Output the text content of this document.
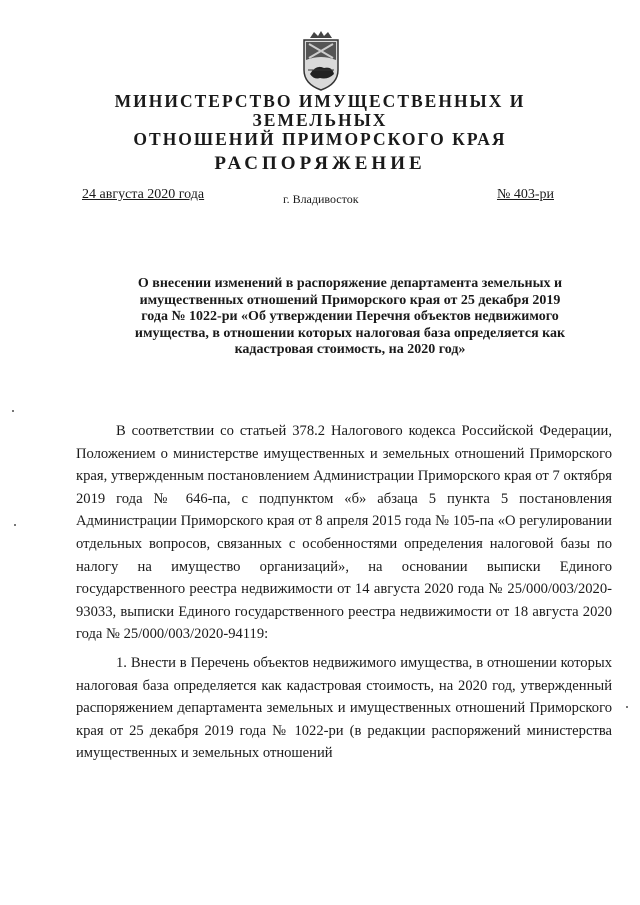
МИНИСТЕРСТВО ИМУЩЕСТВЕННЫХ И ЗЕМЕЛЬНЫХ
ОТНОШЕНИЙ ПРИМОРСКОГО КРАЯ
РАСПОРЯЖЕНИЕ
24 августа 2020 года	г. Владивосток	№ 403-ри
О внесении изменений в распоряжение департамента земельных и имущественных отношений Приморского края от 25 декабря 2019 года № 1022-ри «Об утверждении Перечня объектов недвижимого имущества, в отношении которых налоговая база определяется как кадастровая стоимость, на 2020 год»

В соответствии со статьей 378.2 Налогового кодекса Российской Федерации, Положением о министерстве имущественных и земельных отношений Приморского края, утвержденным постановлением Администрации Приморского края от 7 октября 2019 года № 646-па, с подпунктом «б» абзаца 5 пункта 5 постановления Администрации Приморского края от 8 апреля 2015 года № 105-па «О регулировании отдельных вопросов, связанных с особенностями определения налоговой базы по налогу на имущество организаций», на основании выписки Единого государственного реестра недвижимости от 14 августа 2020 года № 25/000/003/2020-93033, выписки Единого государственного реестра недвижимости от 18 августа 2020 года № 25/000/003/2020-94119:

1. Внести в Перечень объектов недвижимого имущества, в отношении которых налоговая база определяется как кадастровая стоимость, на 2020 год, утвержденный распоряжением департамента земельных и имущественных отношений Приморского края от 25 декабря 2019 года № 1022-ри (в редакции распоряжений министерства имущественных и земельных отношений
